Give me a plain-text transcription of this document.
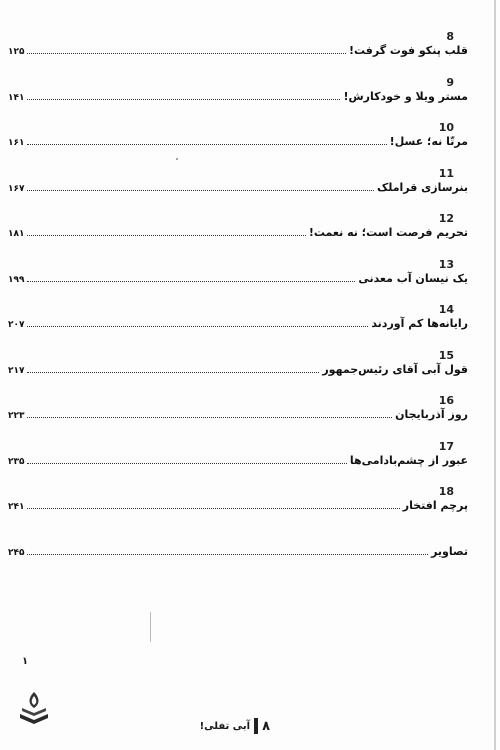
8
قلب پنکو فوت گرفت!
۱۲۵
9
مستر ویلا و خودکارش!
۱۴۱
10
مرتّا نه؛ عسل!
۱۶۱
11
بنرسازی قراملک
۱۶۷
12
تحریم فرصت است؛ نه نعمت!
۱۸۱
13
یک نیسان آب معدنی
۱۹۹
14
رایانه‌ها کم آوردند
۲۰۷
15
قول آبی آقای رئیس‌جمهور
۲۱۷
16
روز آذربایجان
۲۲۳
17
عبور از چشم‌بادامی‌ها
۲۳۵
18
پرچم افتخار
۲۴۱
تصاویر
۲۴۵
۱
۸
آبی تفلی!
